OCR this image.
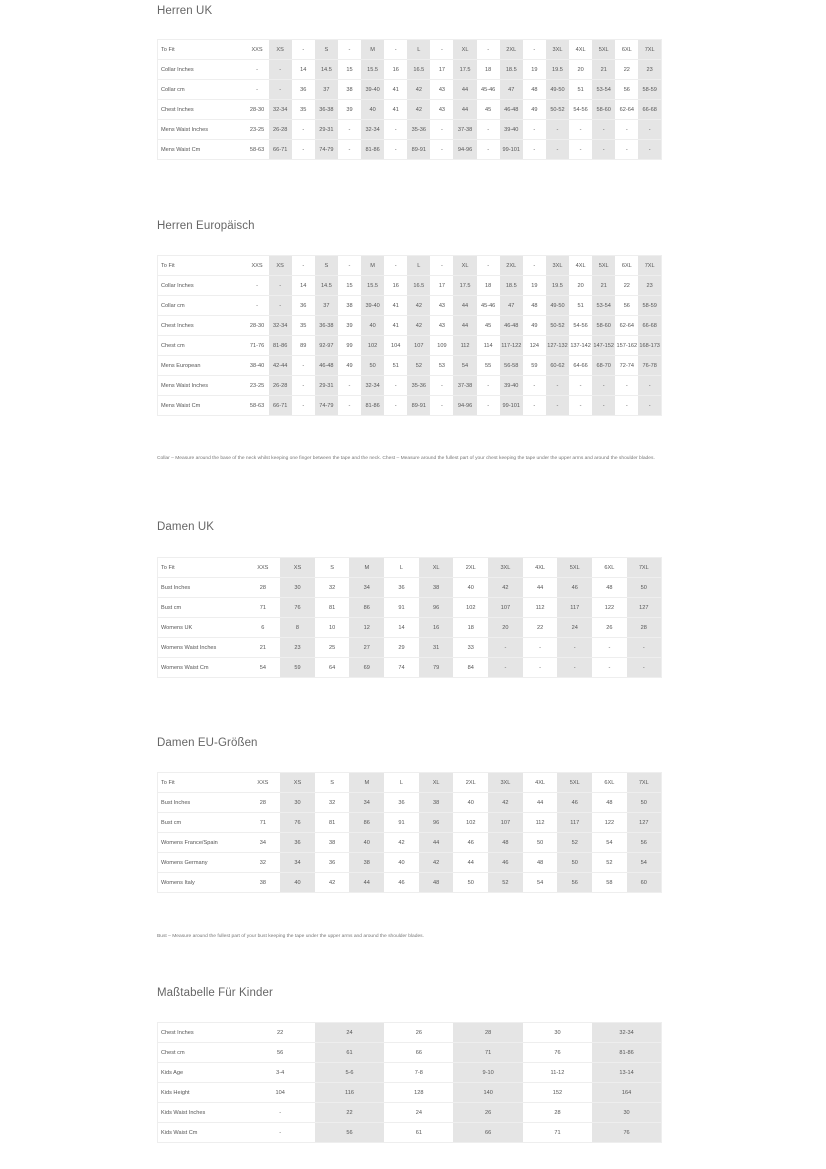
Herren UK
To Fit	XXS	XS	-	S	-	M	-	L	-	XL	-	2XL	-	3XL	4XL	5XL	6XL	7XL
Collar Inches	-	-	14	14.5	15	15.5	16	16.5	17	17.5	18	18.5	19	19.5	20	21	22	23
Collar cm	-	-	36	37	38	39-40	41	42	43	44	45-46	47	48	49-50	51	53-54	56	58-59
Chest Inches	28-30	32-34	35	36-38	39	40	41	42	43	44	45	46-48	49	50-52	54-56	58-60	62-64	66-68
Mens Waist Inches	23-25	26-28	-	29-31	-	32-34	-	35-36	-	37-38	-	39-40	-	-	-	-	-	-
Mens Waist Cm	58-63	66-71	-	74-79	-	81-86	-	89-91	-	94-96	-	99-101	-	-	-	-	-	-
Herren Europäisch
To Fit	XXS	XS	-	S	-	M	-	L	-	XL	-	2XL	-	3XL	4XL	5XL	6XL	7XL
Collar Inches	-	-	14	14.5	15	15.5	16	16.5	17	17.5	18	18.5	19	19.5	20	21	22	23
Collar cm	-	-	36	37	38	39-40	41	42	43	44	45-46	47	48	49-50	51	53-54	56	58-59
Chest Inches	28-30	32-34	35	36-38	39	40	41	42	43	44	45	46-48	49	50-52	54-56	58-60	62-64	66-68
Chest cm	71-76	81-86	89	92-97	99	102	104	107	109	112	114	117-122	124	127-132	137-142	147-152	157-162	168-173
Mens European	38-40	42-44	-	46-48	49	50	51	52	53	54	55	56-58	59	60-62	64-66	68-70	72-74	76-78
Mens Waist Inches	23-25	26-28	-	29-31	-	32-34	-	35-36	-	37-38	-	39-40	-	-	-	-	-	-
Mens Waist Cm	58-63	66-71	-	74-79	-	81-86	-	89-91	-	94-96	-	99-101	-	-	-	-	-	-

Collar – Measure around the base of the neck whilst keeping one finger between the tape and the neck. Chest – Measure around the fullest part of your chest keeping the tape under the upper arms and around the shoulder blades.

Damen UK
To Fit	XXS	XS	S	M	L	XL	2XL	3XL	4XL	5XL	6XL	7XL
Bust Inches	28	30	32	34	36	38	40	42	44	46	48	50
Bust cm	71	76	81	86	91	96	102	107	112	117	122	127
Womens UK	6	8	10	12	14	16	18	20	22	24	26	28
Womens Waist Inches	21	23	25	27	29	31	33	-	-	-	-	-
Womens Waist Cm	54	59	64	69	74	79	84	-	-	-	-	-
Damen EU-Größen
To Fit	XXS	XS	S	M	L	XL	2XL	3XL	4XL	5XL	6XL	7XL
Bust Inches	28	30	32	34	36	38	40	42	44	46	48	50
Bust cm	71	76	81	86	91	96	102	107	112	117	122	127
Womens France/Spain	34	36	38	40	42	44	46	48	50	52	54	56
Womens Germany	32	34	36	38	40	42	44	46	48	50	52	54
Womens Italy	38	40	42	44	46	48	50	52	54	56	58	60

Bust – Measure around the fullest part of your bust keeping the tape under the upper arms and around the shoulder blades.

Maßtabelle Für Kinder
Chest Inches	22	24	26	28	30	32-34
Chest cm	56	61	66	71	76	81-86
Kids Age	3-4	5-6	7-8	9-10	11-12	13-14
Kids Height	104	116	128	140	152	164
Kids Waist Inches	-	22	24	26	28	30
Kids Waist Cm	-	56	61	66	71	76
